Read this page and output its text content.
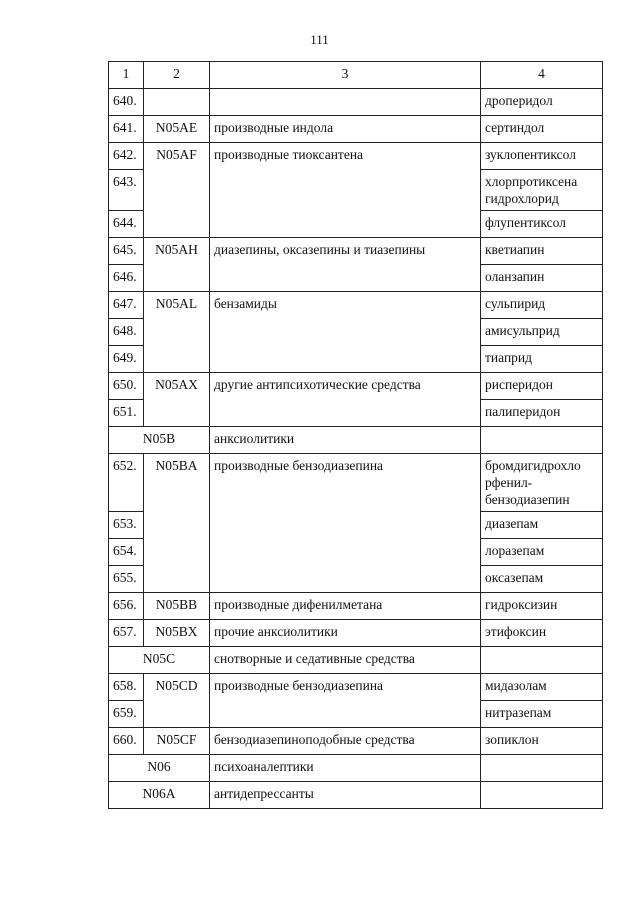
111
1	2	3	4
640.			дроперидол
641.	N05AE	производные индола	сертиндол
642.	N05AF	производные тиоксантена	зуклопентиксол
643.			хлорпротиксена гидрохлорид
644.			флупентиксол
645.	N05AH	диазепины, оксазепины и тиазепины	кветиапин
646.			оланзапин
647.	N05AL	бензамиды	сульпирид
648.			амисульприд
649.			тиаприд
650.	N05AX	другие антипсихотические средства	рисперидон
651.			палиперидон
N05B		анксиолитики	
652.	N05BA	производные бензодиазепина	бромдигидрохло рфенил-бензодиазепин
653.			диазепам
654.			лоразепам
655.			оксазепам
656.	N05BB	производные дифенилметана	гидроксизин
657.	N05BX	прочие анксиолитики	этифоксин
N05C		снотворные и седативные средства	
658.	N05CD	производные бензодиазепина	мидазолам
659.			нитразепам
660.	N05CF	бензодиазепиноподобные средства	зопиклон
N06		психоаналептики	
N06A		антидепрессанты	
